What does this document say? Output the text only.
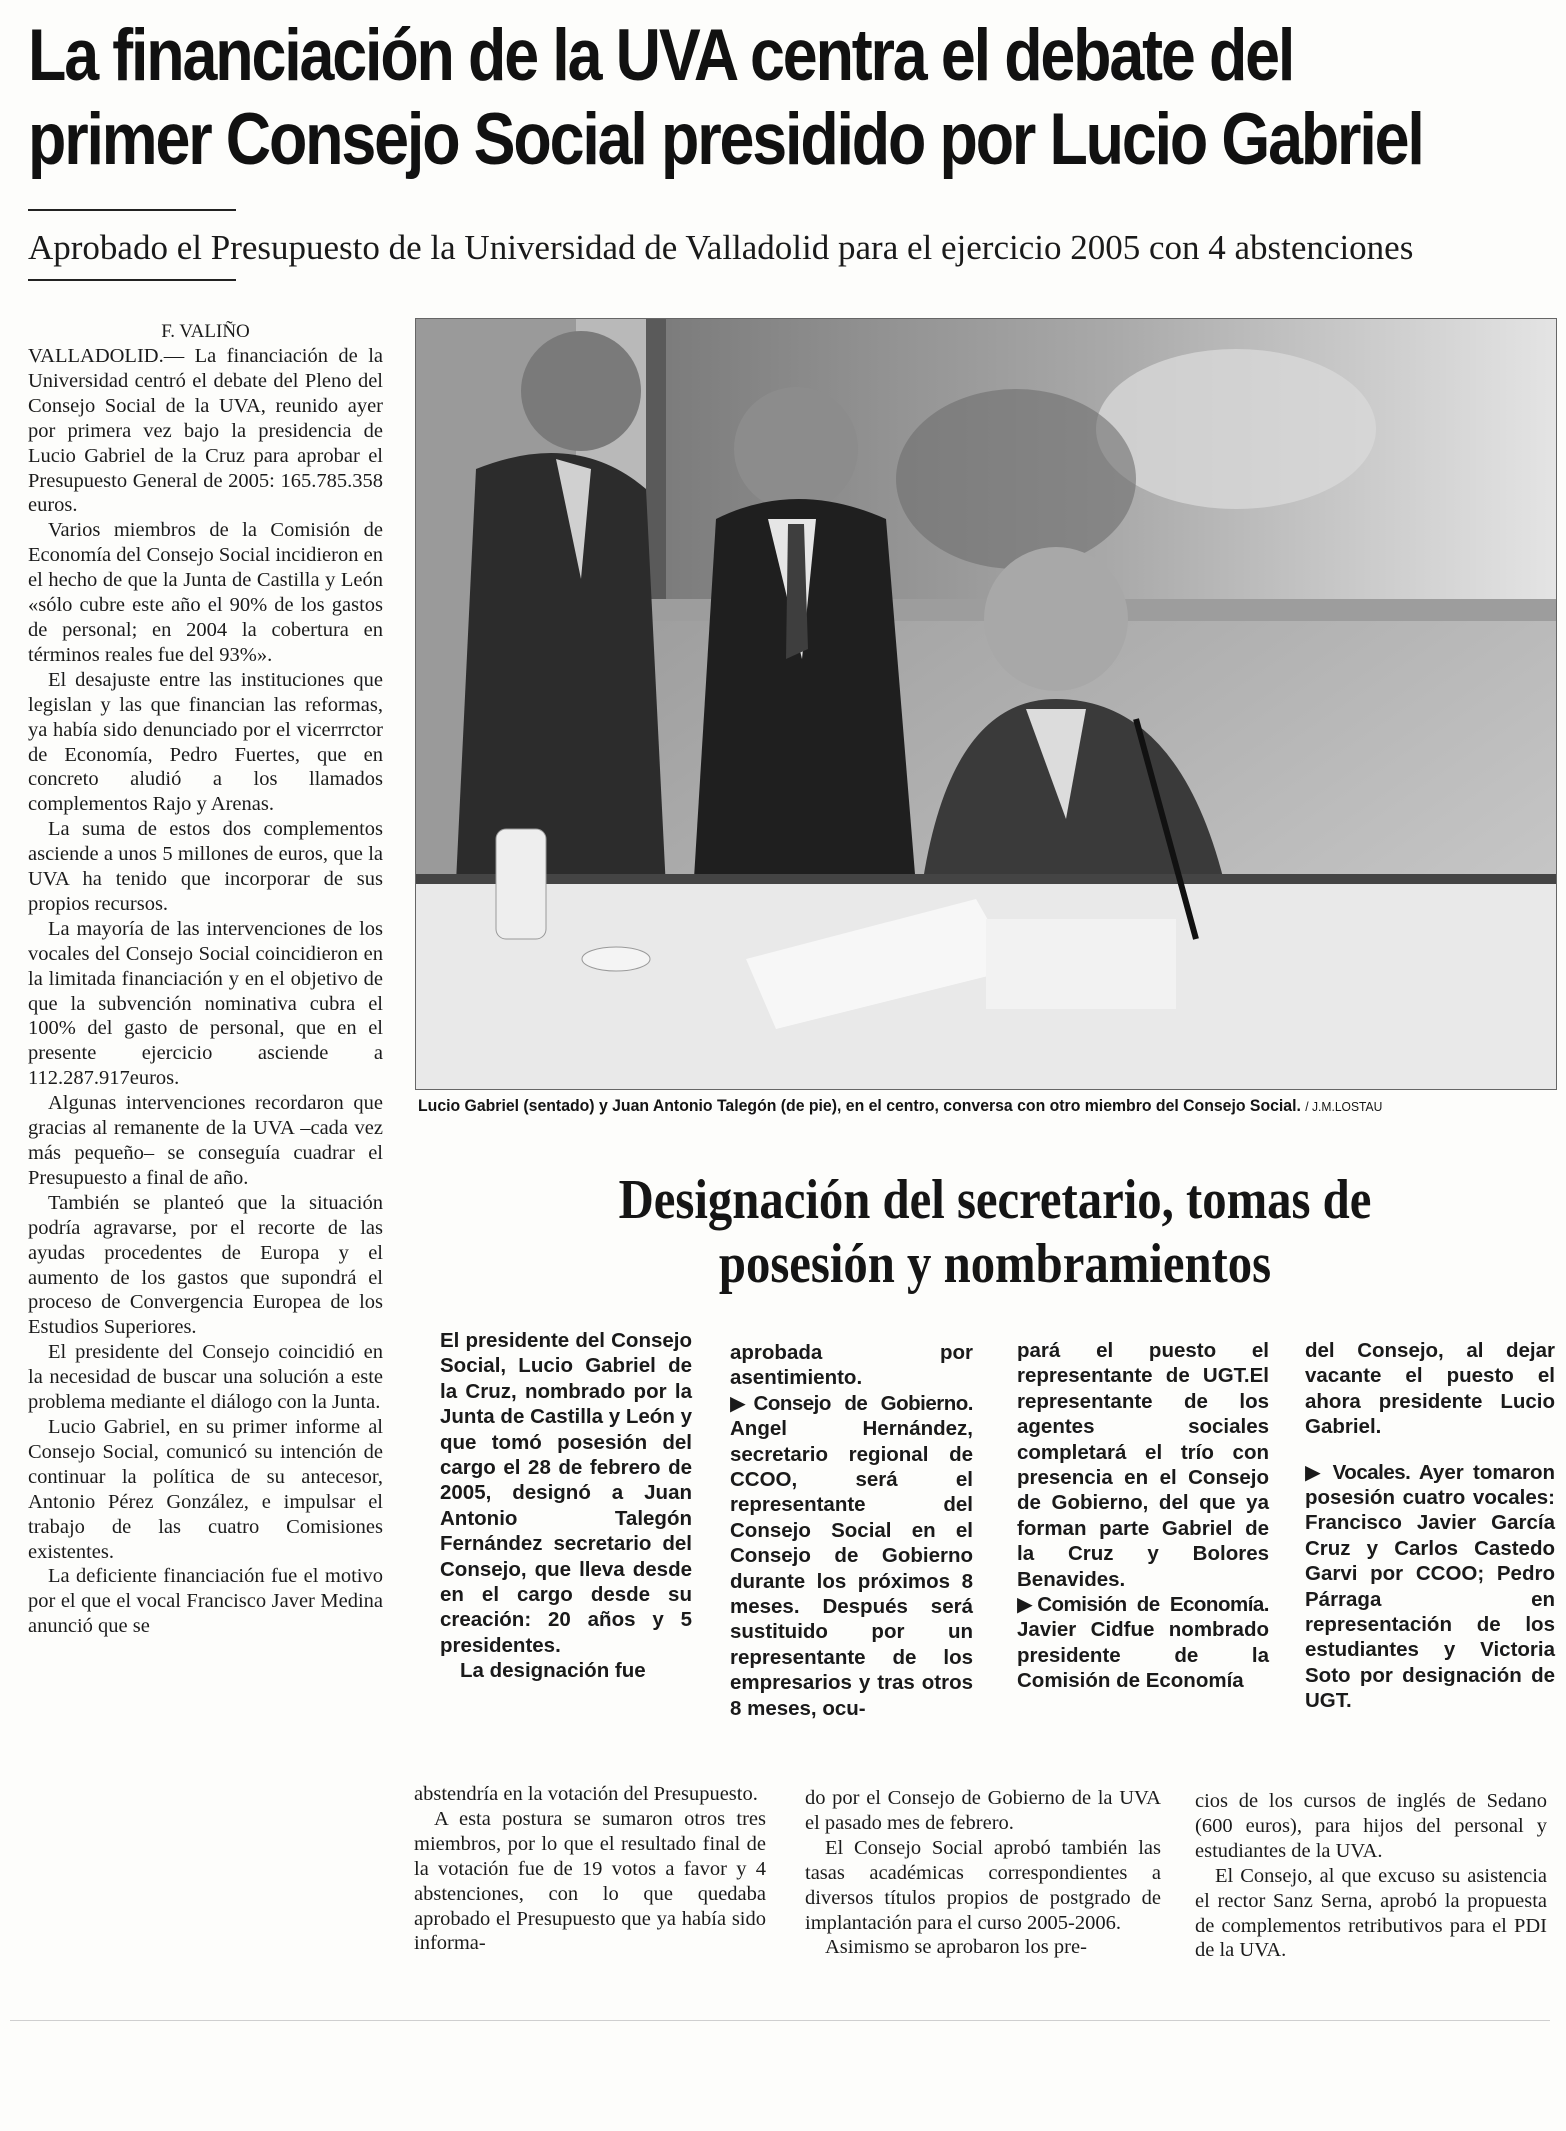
La financiación de la UVA centra el debate del
primer Consejo Social presidido por Lucio Gabriel
Aprobado el Presupuesto de la Universidad de Valladolid para el ejercicio 2005 con 4 abstenciones
F. VALIÑO

VALLADOLID.— La financiación de la Universidad centró el debate del Pleno del Consejo Social de la UVA, reunido ayer por primera vez bajo la presidencia de Lucio Gabriel de la Cruz para aprobar el Presupuesto General de 2005: 165.785.358 euros.

Varios miembros de la Comisión de Economía del Consejo Social incidieron en el hecho de que la Junta de Castilla y León «sólo cubre este año el 90% de los gastos de personal; en 2004 la cobertura en términos reales fue del 93%».

El desajuste entre las instituciones que legislan y las que financian las reformas, ya había sido denunciado por el vicerrrctor de Economía, Pedro Fuertes, que en concreto aludió a los llamados complementos Rajo y Arenas.

La suma de estos dos complementos asciende a unos 5 millones de euros, que la UVA ha tenido que incorporar de sus propios recursos.

La mayoría de las intervenciones de los vocales del Consejo Social coincidieron en la limitada financiación y en el objetivo de que la subvención nominativa cubra el 100% del gasto de personal, que en el presente ejercicio asciende a 112.287.917euros.

Algunas intervenciones recordaron que gracias al remanente de la UVA –cada vez más pequeño– se conseguía cuadrar el Presupuesto a final de año.

También se planteó que la situación podría agravarse, por el recorte de las ayudas procedentes de Europa y el aumento de los gastos que supondrá el proceso de Convergencia Europea de los Estudios Superiores.

El presidente del Consejo coincidió en la necesidad de buscar una solución a este problema mediante el diálogo con la Junta.

Lucio Gabriel, en su primer informe al Consejo Social, comunicó su intención de continuar la política de su antecesor, Antonio Pérez González, e impulsar el trabajo de las cuatro Comisiones existentes.

La deficiente financiación fue el motivo por el que el vocal Francisco Javer Medina anunció que se

Lucio Gabriel (sentado) y Juan Antonio Talegón (de pie), en el centro, conversa con otro miembro del Consejo Social. / J.M.LOSTAU
Designación del secretario, tomas de
posesión y nombramientos

El presidente del Consejo Social, Lucio Gabriel de la Cruz, nombrado por la Junta de Castilla y León y que tomó posesión del cargo el 28 de febrero de 2005, designó a Juan Antonio Talegón Fernández secretario del Consejo, que lleva desde en el cargo desde su creación: 20 años y 5 presidentes.

La designación fue

aprobada por asentimiento.

▶Consejo de Gobierno. Angel Hernández, secretario regional de CCOO, será el representante del Consejo Social en el Consejo de Gobierno durante los próximos 8 meses. Después será sustituido por un representante de los empresarios y tras otros 8 meses, ocu-

pará el puesto el representante de UGT.El representante de los agentes sociales completará el trío con presencia en el Consejo de Gobierno, del que ya forman parte Gabriel de la Cruz y Bolores Benavides.

▶Comisión de Economía. Javier Cidfue nombrado presidente de la Comisión de Economía

del Consejo, al dejar vacante el puesto el ahora presidente Lucio Gabriel.

▶ Vocales. Ayer tomaron posesión cuatro vocales: Francisco Javier García Cruz y Carlos Castedo Garvi por CCOO; Pedro Párraga en representación de los estudiantes y Victoria Soto por designación de UGT.

abstendría en la votación del Presupuesto.

A esta postura se sumaron otros tres miembros, por lo que el resultado final de la votación fue de 19 votos a favor y 4 abstenciones, con lo que quedaba aprobado el Presupuesto que ya había sido informa-

do por el Consejo de Gobierno de la UVA el pasado mes de febrero.

El Consejo Social aprobó también las tasas académicas correspondientes a diversos títulos propios de postgrado de implantación para el curso 2005-2006.

Asimismo se aprobaron los pre-

cios de los cursos de inglés de Sedano (600 euros), para hijos del personal y estudiantes de la UVA.

El Consejo, al que excuso su asistencia el rector Sanz Serna, aprobó la propuesta de complementos retributivos para el PDI de la UVA.
